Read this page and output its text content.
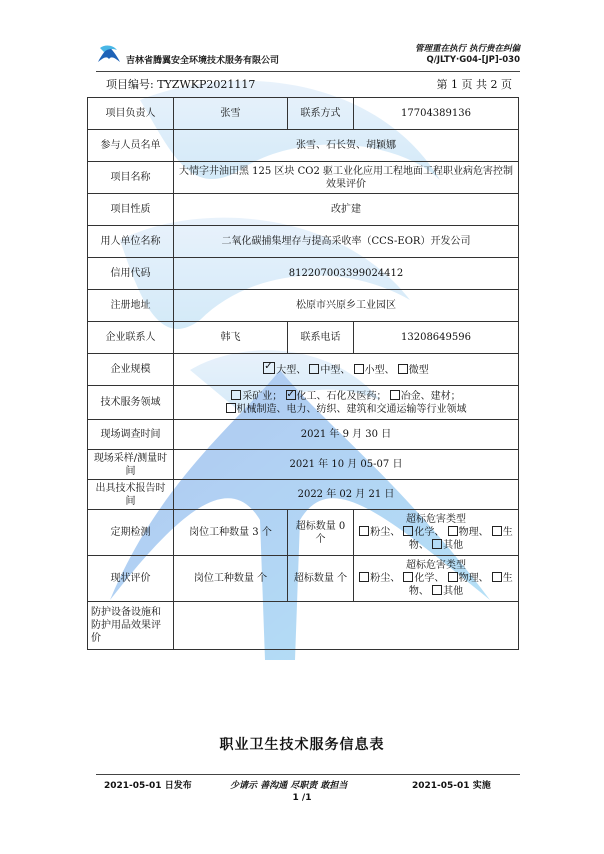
吉林省腾翼安全环境技术服务有限公司
管理重在执行 执行贵在纠偏
Q/JLTY·G04-[JP]-030
项目编号: TYZWKP2021117	第 1 页 共 2 页
项目负责人	张雪	联系方式	17704389136
参与人员名单	张雪、石长贺、胡颖娜		
项目名称	大情字井油田黑 125 区块 CO2 驱工业化应用工程地面工程职业病危害控制效果评价		
项目性质	改扩建		
用人单位名称	二氧化碳捕集埋存与提高采收率（CCS-EOR）开发公司		
信用代码	812207003399024412		
注册地址	松原市兴原乡工业园区		
企业联系人	韩飞	联系电话	13208649596
企业规模	✓大型、 中型、 小型、 微型
技术服务领域	采矿业； ✓ 化工、石化及医药； 冶金、建材；
机械制造、电力、纺织、建筑和交通运输等行业领域

现场调查时间	2021 年 9 月 30 日		
现场采样/测量时间	2021 年 10 月 05-07 日		
出具技术报告时间	2022 年 02 月 21 日		
定期检测	岗位工种数量 3 个	超标数量 0 个	超标危害类型
粉尘、 化学、 物理、 生
物、 其他

现状评价	岗位工种数量 个	超标数量 个	超标危害类型
粉尘、 化学、 物理、 生
物、 其他

防护设备设施和防护用品效果评价			
职业卫生技术服务信息表
2021-05-01 日发布	少请示 善沟通 尽职责 敢担当	2021-05-01 实施
1 /1
